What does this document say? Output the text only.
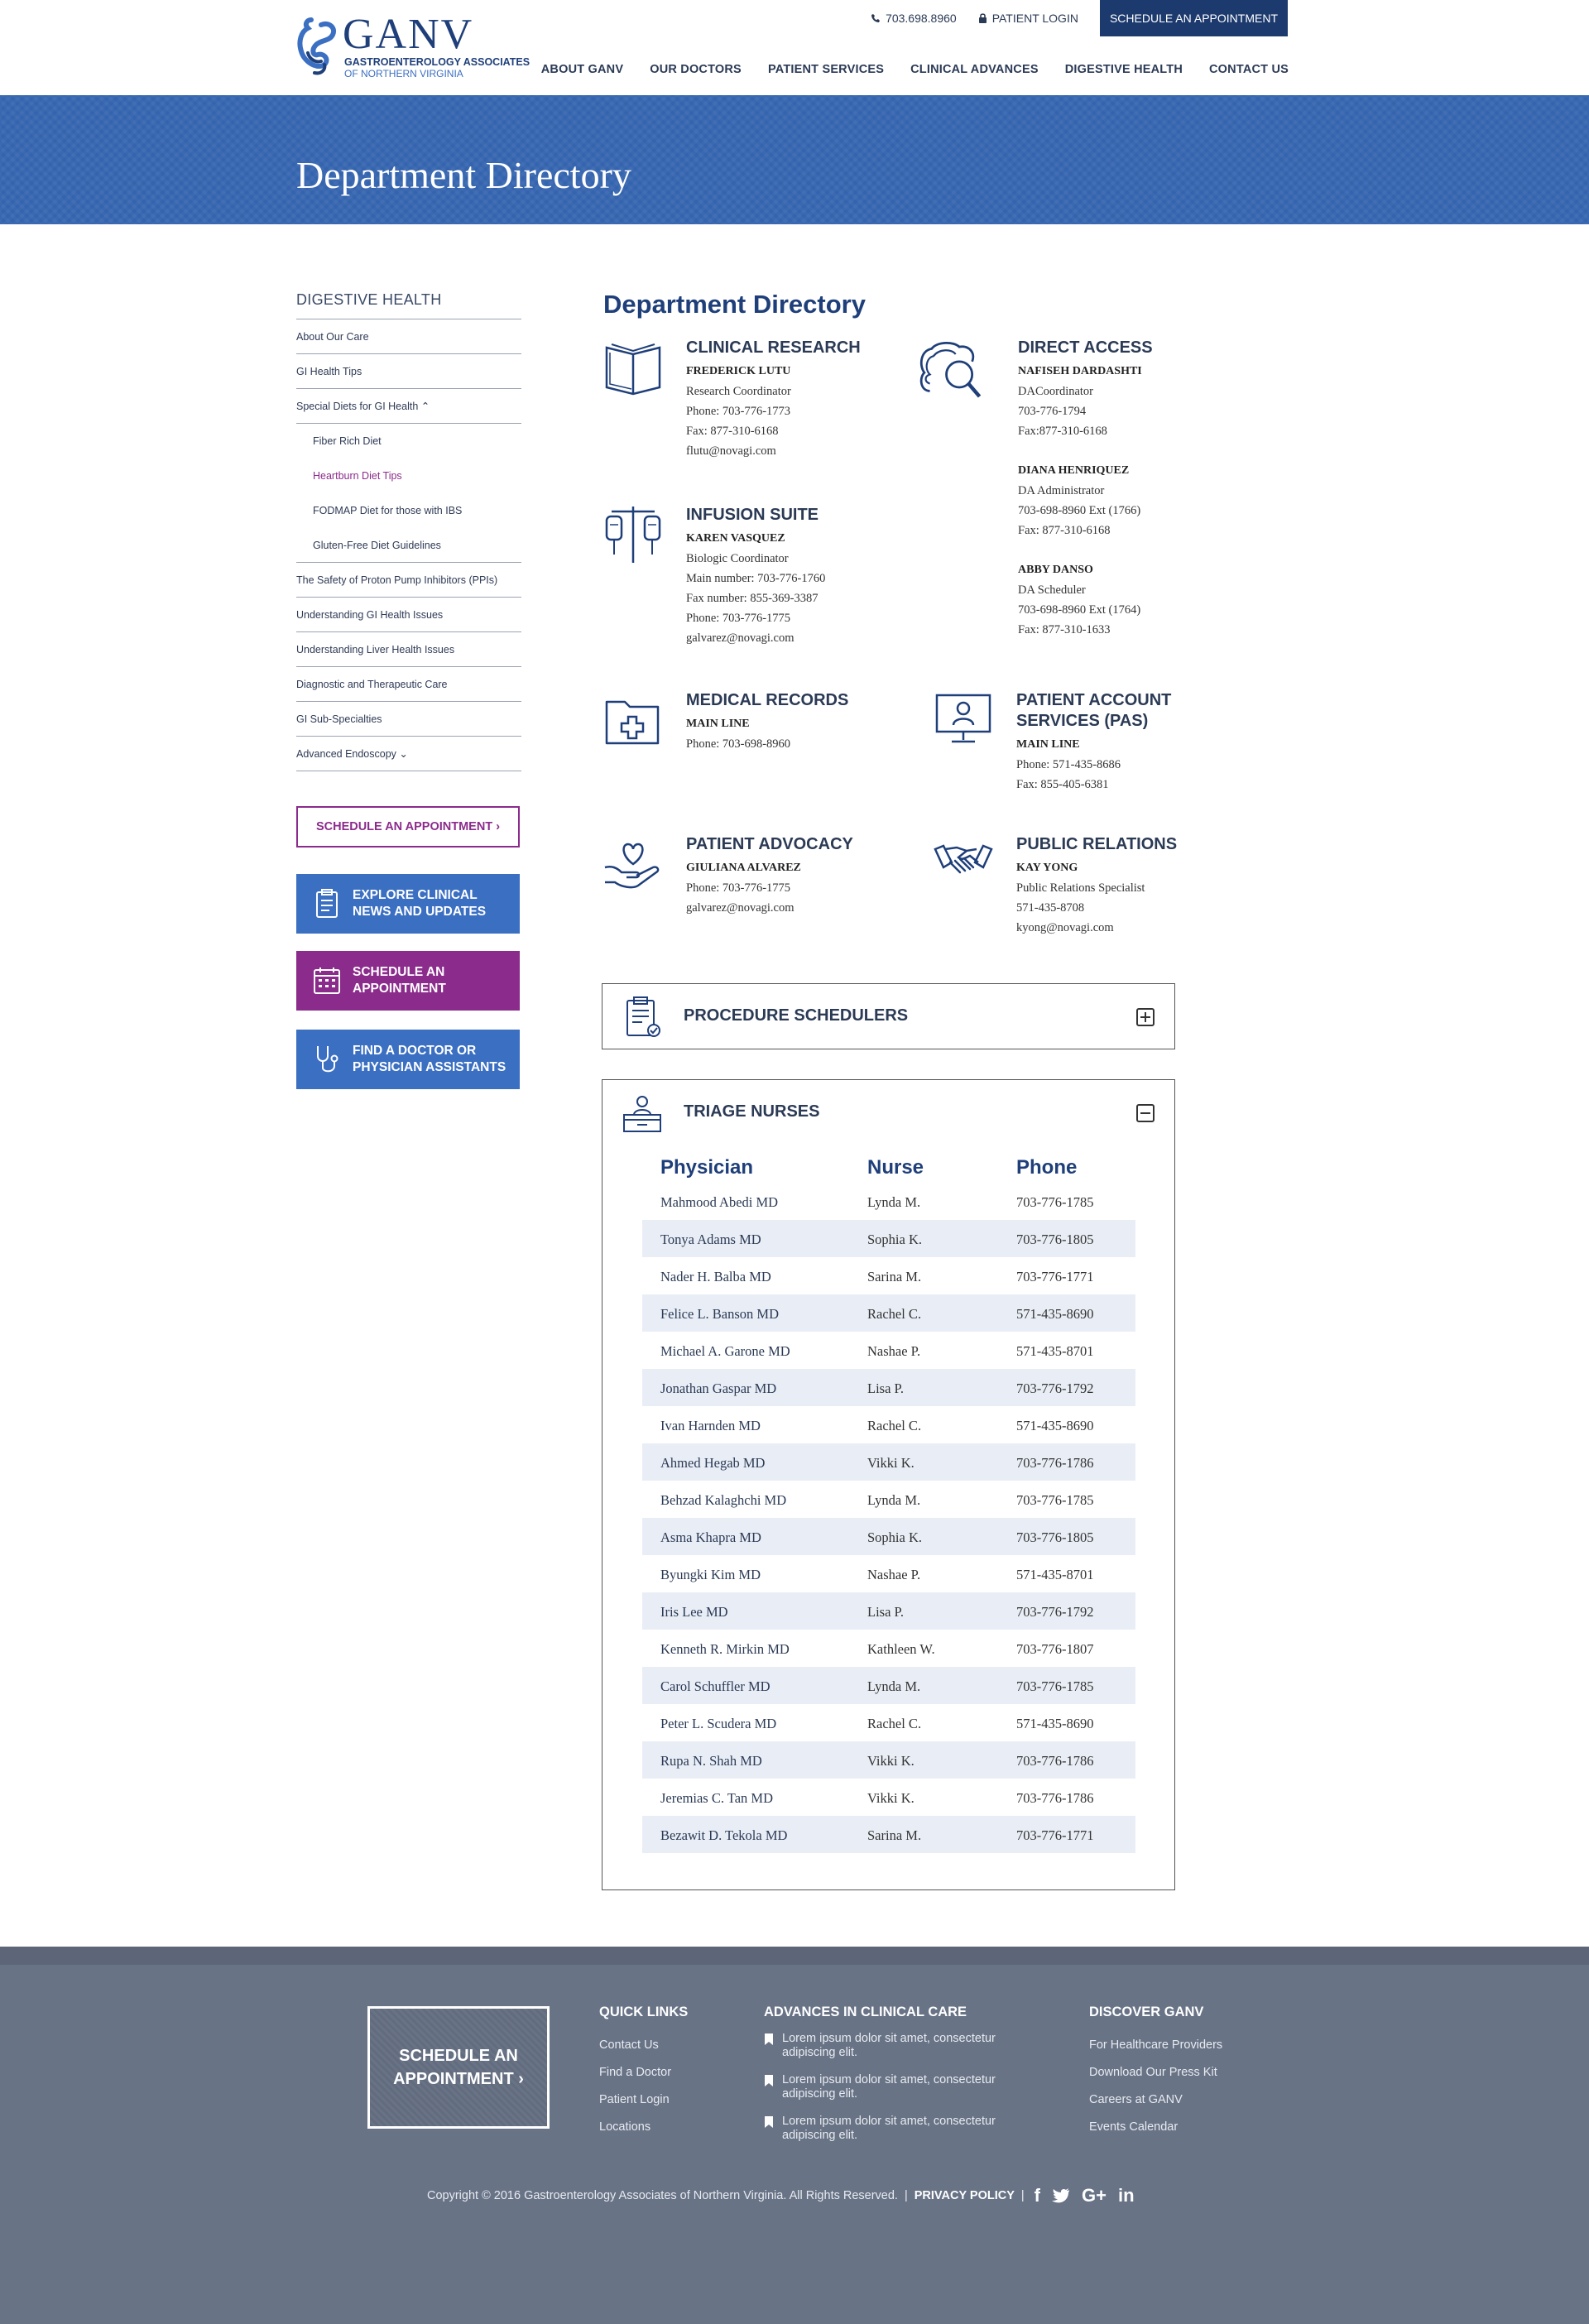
GANV
GASTROENTEROLOGY ASSOCIATES
OF NORTHERN VIRGINIA
703.698.8960	PATIENT LOGIN	SCHEDULE AN APPOINTMENT
ABOUT GANV OUR DOCTORS PATIENT SERVICES CLINICAL ADVANCES DIGESTIVE HEALTH CONTACT US
Department Directory
DIGESTIVE HEALTH
About Our Care
GI Health Tips
Special Diets for GI Health ⌃
Fiber Rich Diet
Heartburn Diet Tips
FODMAP Diet for those with IBS
Gluten-Free Diet Guidelines
The Safety of Proton Pump Inhibitors (PPIs)
Understanding GI Health Issues
Understanding Liver Health Issues
Diagnostic and Therapeutic Care
GI Sub-Specialties
Advanced Endoscopy ⌄
SCHEDULE AN APPOINTMENT ›
EXPLORE CLINICAL
NEWS AND UPDATES
SCHEDULE AN
APPOINTMENT
FIND A DOCTOR OR
PHYSICIAN ASSISTANTS
Department Directory
CLINICAL RESEARCH
FREDERICK LUTU
Research Coordinator
Phone: 703-776-1773
Fax: 877-310-6168
flutu@novagi.com
DIRECT ACCESS
NAFISEH DARDASHTI
DACoordinator
703-776-1794
Fax:877-310-6168
DIANA HENRIQUEZ
DA Administrator
703-698-8960 Ext (1766)
Fax: 877-310-6168
ABBY DANSO
DA Scheduler
703-698-8960 Ext (1764)
Fax: 877-310-1633
INFUSION SUITE
KAREN VASQUEZ
Biologic Coordinator
Main number: 703-776-1760
Fax number: 855-369-3387
Phone: 703-776-1775
galvarez@novagi.com
MEDICAL RECORDS
MAIN LINE
Phone: 703-698-8960
PATIENT ACCOUNT
SERVICES (PAS)
MAIN LINE
Phone: 571-435-8686
Fax: 855-405-6381
PATIENT ADVOCACY
GIULIANA ALVAREZ
Phone: 703-776-1775
galvarez@novagi.com
PUBLIC RELATIONS
KAY YONG
Public Relations Specialist
571-435-8708
kyong@novagi.com
PROCEDURE SCHEDULERS
TRIAGE NURSES
Physician	Nurse	Phone
Mahmood Abedi MD	Lynda M.	703-776-1785
Tonya Adams MD	Sophia K.	703-776-1805
Nader H. Balba MD	Sarina M.	703-776-1771
Felice L. Banson MD	Rachel C.	571-435-8690
Michael A. Garone MD	Nashae P.	571-435-8701
Jonathan Gaspar MD	Lisa P.	703-776-1792
Ivan Harnden MD	Rachel C.	571-435-8690
Ahmed Hegab MD	Vikki K.	703-776-1786
Behzad Kalaghchi MD	Lynda M.	703-776-1785
Asma Khapra MD	Sophia K.	703-776-1805
Byungki Kim MD	Nashae P.	571-435-8701
Iris Lee MD	Lisa P.	703-776-1792
Kenneth R. Mirkin MD	Kathleen W.	703-776-1807
Carol Schuffler MD	Lynda M.	703-776-1785
Peter L. Scudera MD	Rachel C.	571-435-8690
Rupa N. Shah MD	Vikki K.	703-776-1786
Jeremias C. Tan MD	Vikki K.	703-776-1786
Bezawit D. Tekola MD	Sarina M.	703-776-1771
SCHEDULE AN
APPOINTMENT ›
QUICK LINKS
Contact Us
Find a Doctor
Patient Login
Locations
ADVANCES IN CLINICAL CARE
Lorem ipsum dolor sit amet, consectetur adipiscing elit.
Lorem ipsum dolor sit amet, consectetur adipiscing elit.
Lorem ipsum dolor sit amet, consectetur adipiscing elit.
DISCOVER GANV
For Healthcare Providers
Download Our Press Kit
Careers at GANV
Events Calendar
Copyright © 2016 Gastroenterology Associates of Northern Virginia. All Rights Reserved. | PRIVACY POLICY | f G+ in
